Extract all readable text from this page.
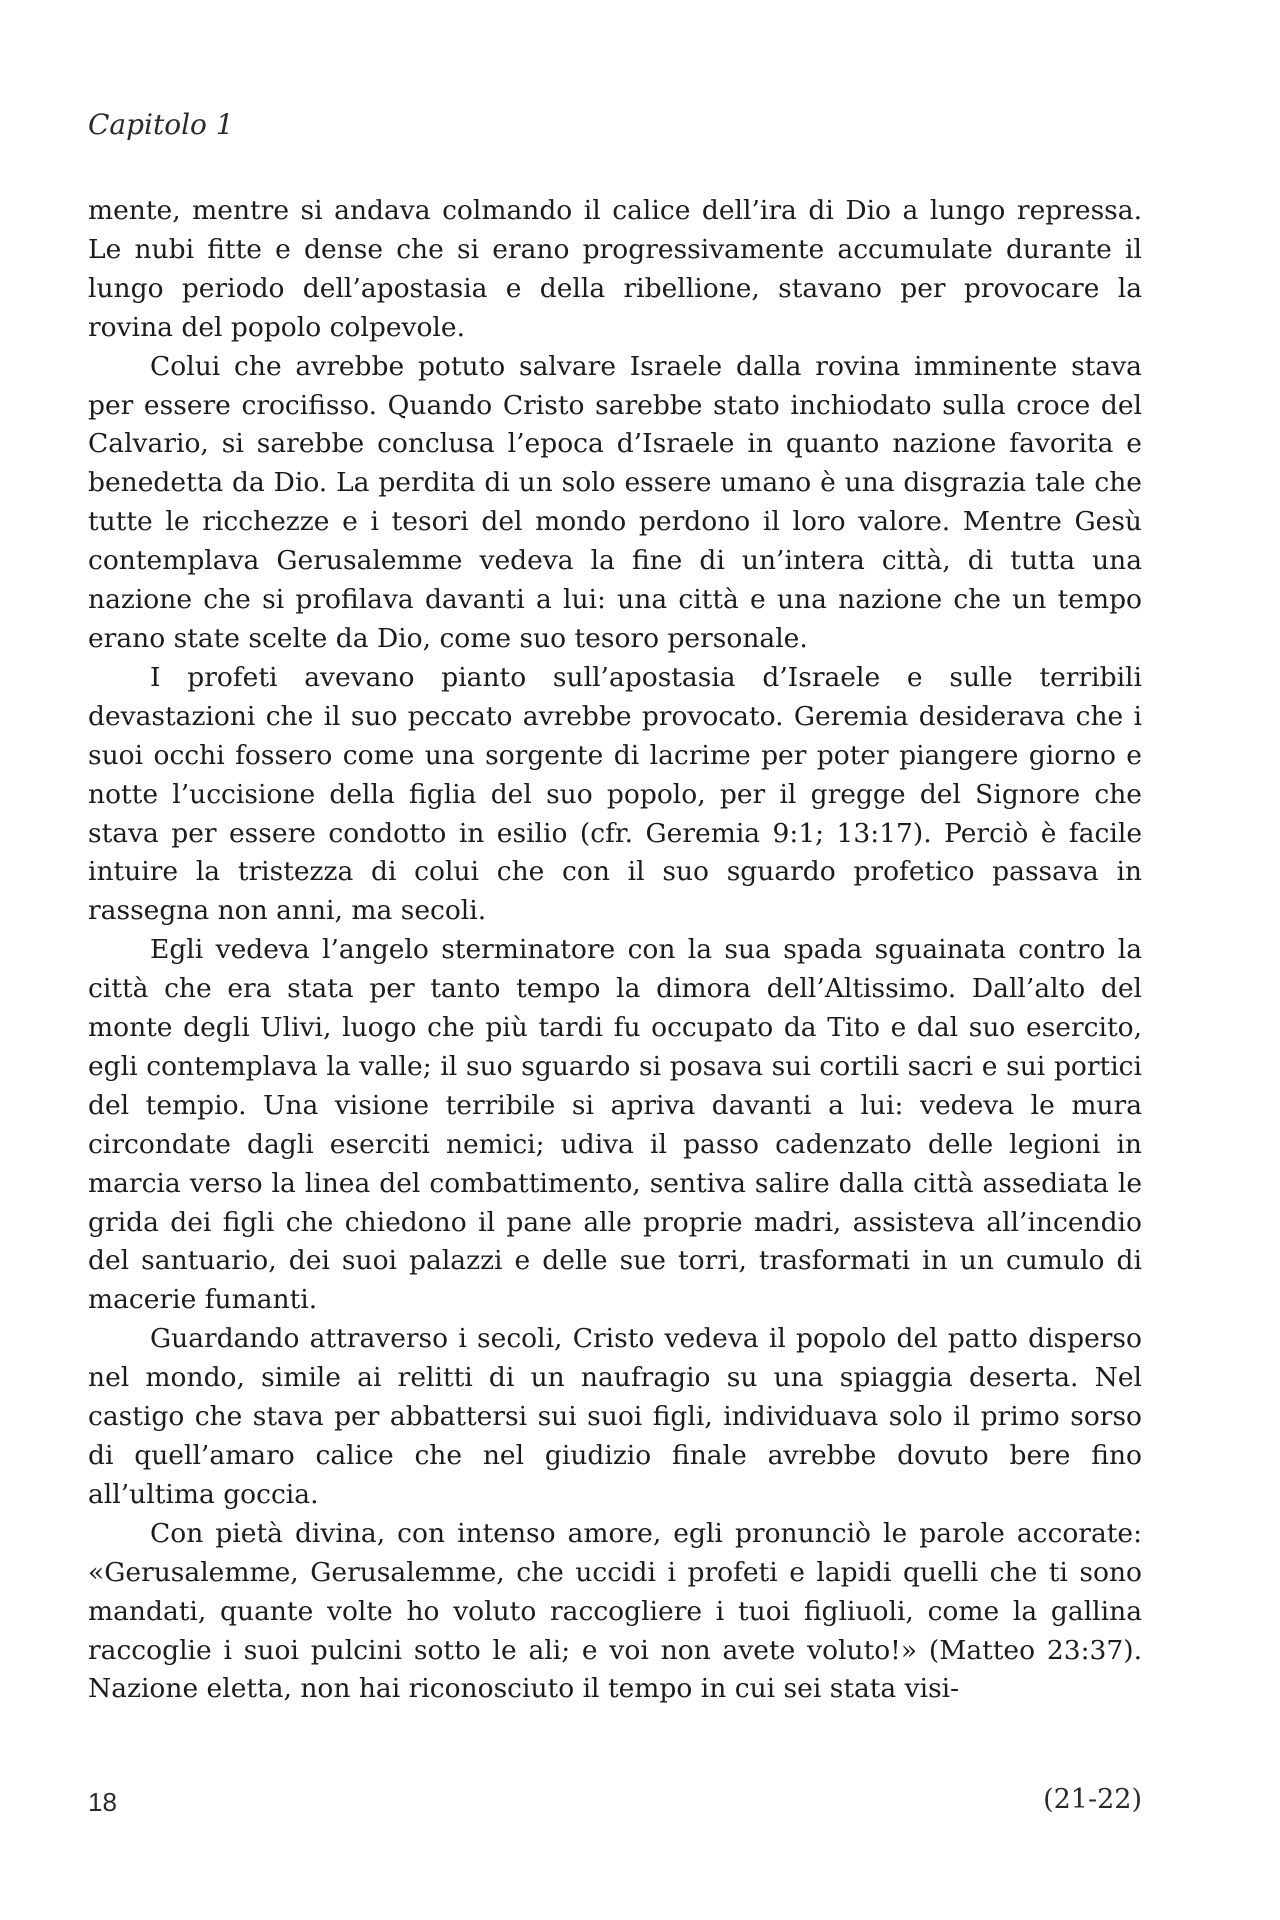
Capitolo 1

mente, mentre si andava colmando il calice dell’ira di Dio a lungo repressa. Le nubi fitte e dense che si erano progressivamente accumulate durante il lungo periodo dell’apostasia e della ribellione, stavano per provocare la rovina del popolo colpevole.

Colui che avrebbe potuto salvare Israele dalla rovina imminente stava per essere crocifisso. Quando Cristo sarebbe stato inchiodato sulla croce del Calvario, si sarebbe conclusa l’epoca d’Israele in quanto nazione favorita e benedetta da Dio. La perdita di un solo essere umano è una disgrazia tale che tutte le ricchezze e i tesori del mondo perdono il loro valore. Mentre Gesù contemplava Gerusalemme vedeva la fine di un’intera città, di tutta una nazione che si profilava davanti a lui: una città e una nazione che un tempo erano state scelte da Dio, come suo tesoro personale.

I profeti avevano pianto sull’apostasia d’Israele e sulle terribili devastazioni che il suo peccato avrebbe provocato. Geremia desiderava che i suoi occhi fossero come una sorgente di lacrime per poter piangere giorno e notte l’uccisione della figlia del suo popolo, per il gregge del Signore che stava per essere condotto in esilio (cfr. Geremia 9:1; 13:17). Perciò è facile intuire la tristezza di colui che con il suo sguardo profetico passava in rassegna non anni, ma secoli.

Egli vedeva l’angelo sterminatore con la sua spada sguainata contro la città che era stata per tanto tempo la dimora dell’Altissimo. Dall’alto del monte degli Ulivi, luogo che più tardi fu occupato da Tito e dal suo esercito, egli contemplava la valle; il suo sguardo si posava sui cortili sacri e sui portici del tempio. Una visione terribile si apriva davanti a lui: vedeva le mura circondate dagli eserciti nemici; udiva il passo cadenzato delle legioni in marcia verso la linea del combattimento, sentiva salire dalla città assediata le grida dei figli che chiedono il pane alle proprie madri, assisteva all’incendio del santuario, dei suoi palazzi e delle sue torri, trasformati in un cumulo di macerie fumanti.

Guardando attraverso i secoli, Cristo vedeva il popolo del patto disperso nel mondo, simile ai relitti di un naufragio su una spiaggia deserta. Nel castigo che stava per abbattersi sui suoi figli, individuava solo il primo sorso di quell’amaro calice che nel giudizio finale avrebbe dovuto bere fino all’ultima goccia.

Con pietà divina, con intenso amore, egli pronunciò le parole accorate: «Gerusalemme, Gerusalemme, che uccidi i profeti e lapidi quelli che ti sono mandati, quante volte ho voluto raccogliere i tuoi figliuoli, come la gallina raccoglie i suoi pulcini sotto le ali; e voi non avete voluto!» (Matteo 23:37). Nazione eletta, non hai riconosciuto il tempo in cui sei stata visi-

18	(21-22)
